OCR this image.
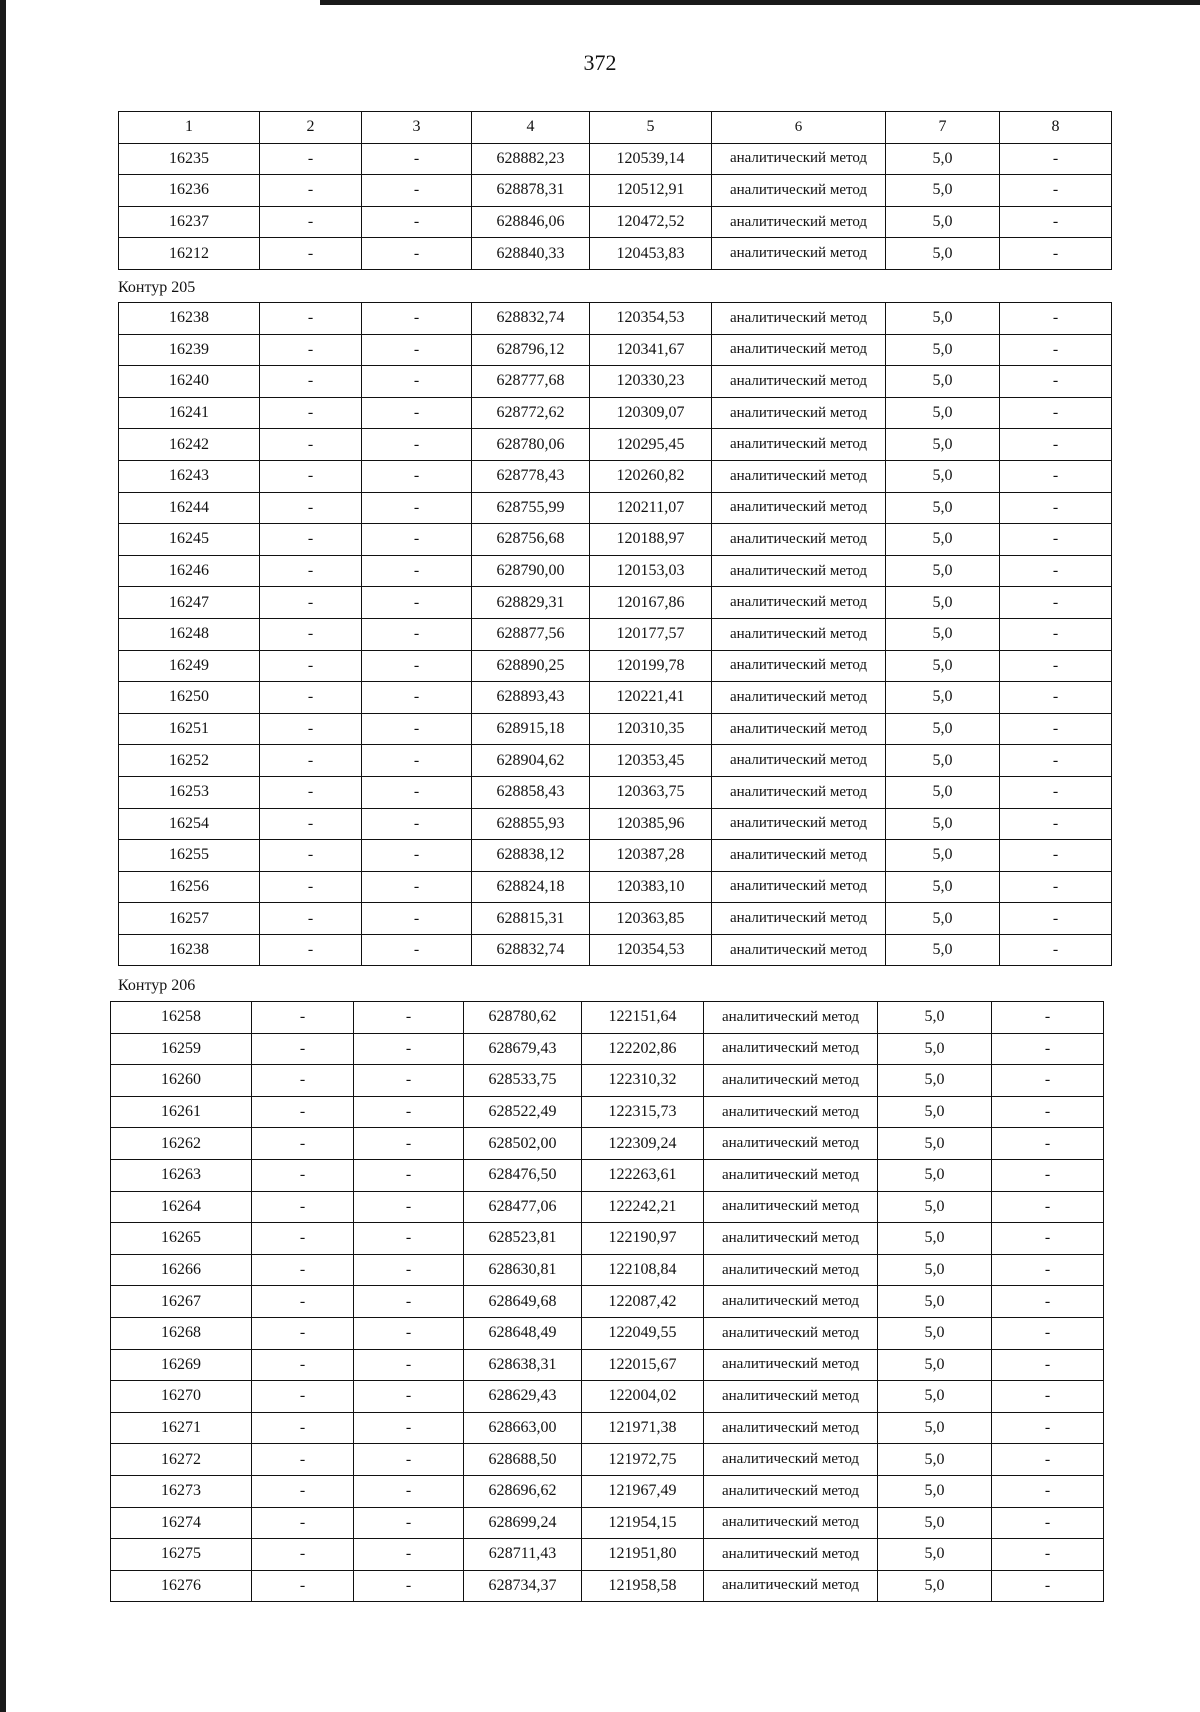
372
1	2	3	4	5	6	7	8
16235	-	-	628882,23	120539,14	аналитический метод	5,0	-
16236	-	-	628878,31	120512,91	аналитический метод	5,0	-
16237	-	-	628846,06	120472,52	аналитический метод	5,0	-
16212	-	-	628840,33	120453,83	аналитический метод	5,0	-
Контур 205
16238	-	-	628832,74	120354,53	аналитический метод	5,0	-
16239	-	-	628796,12	120341,67	аналитический метод	5,0	-
16240	-	-	628777,68	120330,23	аналитический метод	5,0	-
16241	-	-	628772,62	120309,07	аналитический метод	5,0	-
16242	-	-	628780,06	120295,45	аналитический метод	5,0	-
16243	-	-	628778,43	120260,82	аналитический метод	5,0	-
16244	-	-	628755,99	120211,07	аналитический метод	5,0	-
16245	-	-	628756,68	120188,97	аналитический метод	5,0	-
16246	-	-	628790,00	120153,03	аналитический метод	5,0	-
16247	-	-	628829,31	120167,86	аналитический метод	5,0	-
16248	-	-	628877,56	120177,57	аналитический метод	5,0	-
16249	-	-	628890,25	120199,78	аналитический метод	5,0	-
16250	-	-	628893,43	120221,41	аналитический метод	5,0	-
16251	-	-	628915,18	120310,35	аналитический метод	5,0	-
16252	-	-	628904,62	120353,45	аналитический метод	5,0	-
16253	-	-	628858,43	120363,75	аналитический метод	5,0	-
16254	-	-	628855,93	120385,96	аналитический метод	5,0	-
16255	-	-	628838,12	120387,28	аналитический метод	5,0	-
16256	-	-	628824,18	120383,10	аналитический метод	5,0	-
16257	-	-	628815,31	120363,85	аналитический метод	5,0	-
16238	-	-	628832,74	120354,53	аналитический метод	5,0	-
Контур 206
16258	-	-	628780,62	122151,64	аналитический метод	5,0	-
16259	-	-	628679,43	122202,86	аналитический метод	5,0	-
16260	-	-	628533,75	122310,32	аналитический метод	5,0	-
16261	-	-	628522,49	122315,73	аналитический метод	5,0	-
16262	-	-	628502,00	122309,24	аналитический метод	5,0	-
16263	-	-	628476,50	122263,61	аналитический метод	5,0	-
16264	-	-	628477,06	122242,21	аналитический метод	5,0	-
16265	-	-	628523,81	122190,97	аналитический метод	5,0	-
16266	-	-	628630,81	122108,84	аналитический метод	5,0	-
16267	-	-	628649,68	122087,42	аналитический метод	5,0	-
16268	-	-	628648,49	122049,55	аналитический метод	5,0	-
16269	-	-	628638,31	122015,67	аналитический метод	5,0	-
16270	-	-	628629,43	122004,02	аналитический метод	5,0	-
16271	-	-	628663,00	121971,38	аналитический метод	5,0	-
16272	-	-	628688,50	121972,75	аналитический метод	5,0	-
16273	-	-	628696,62	121967,49	аналитический метод	5,0	-
16274	-	-	628699,24	121954,15	аналитический метод	5,0	-
16275	-	-	628711,43	121951,80	аналитический метод	5,0	-
16276	-	-	628734,37	121958,58	аналитический метод	5,0	-
